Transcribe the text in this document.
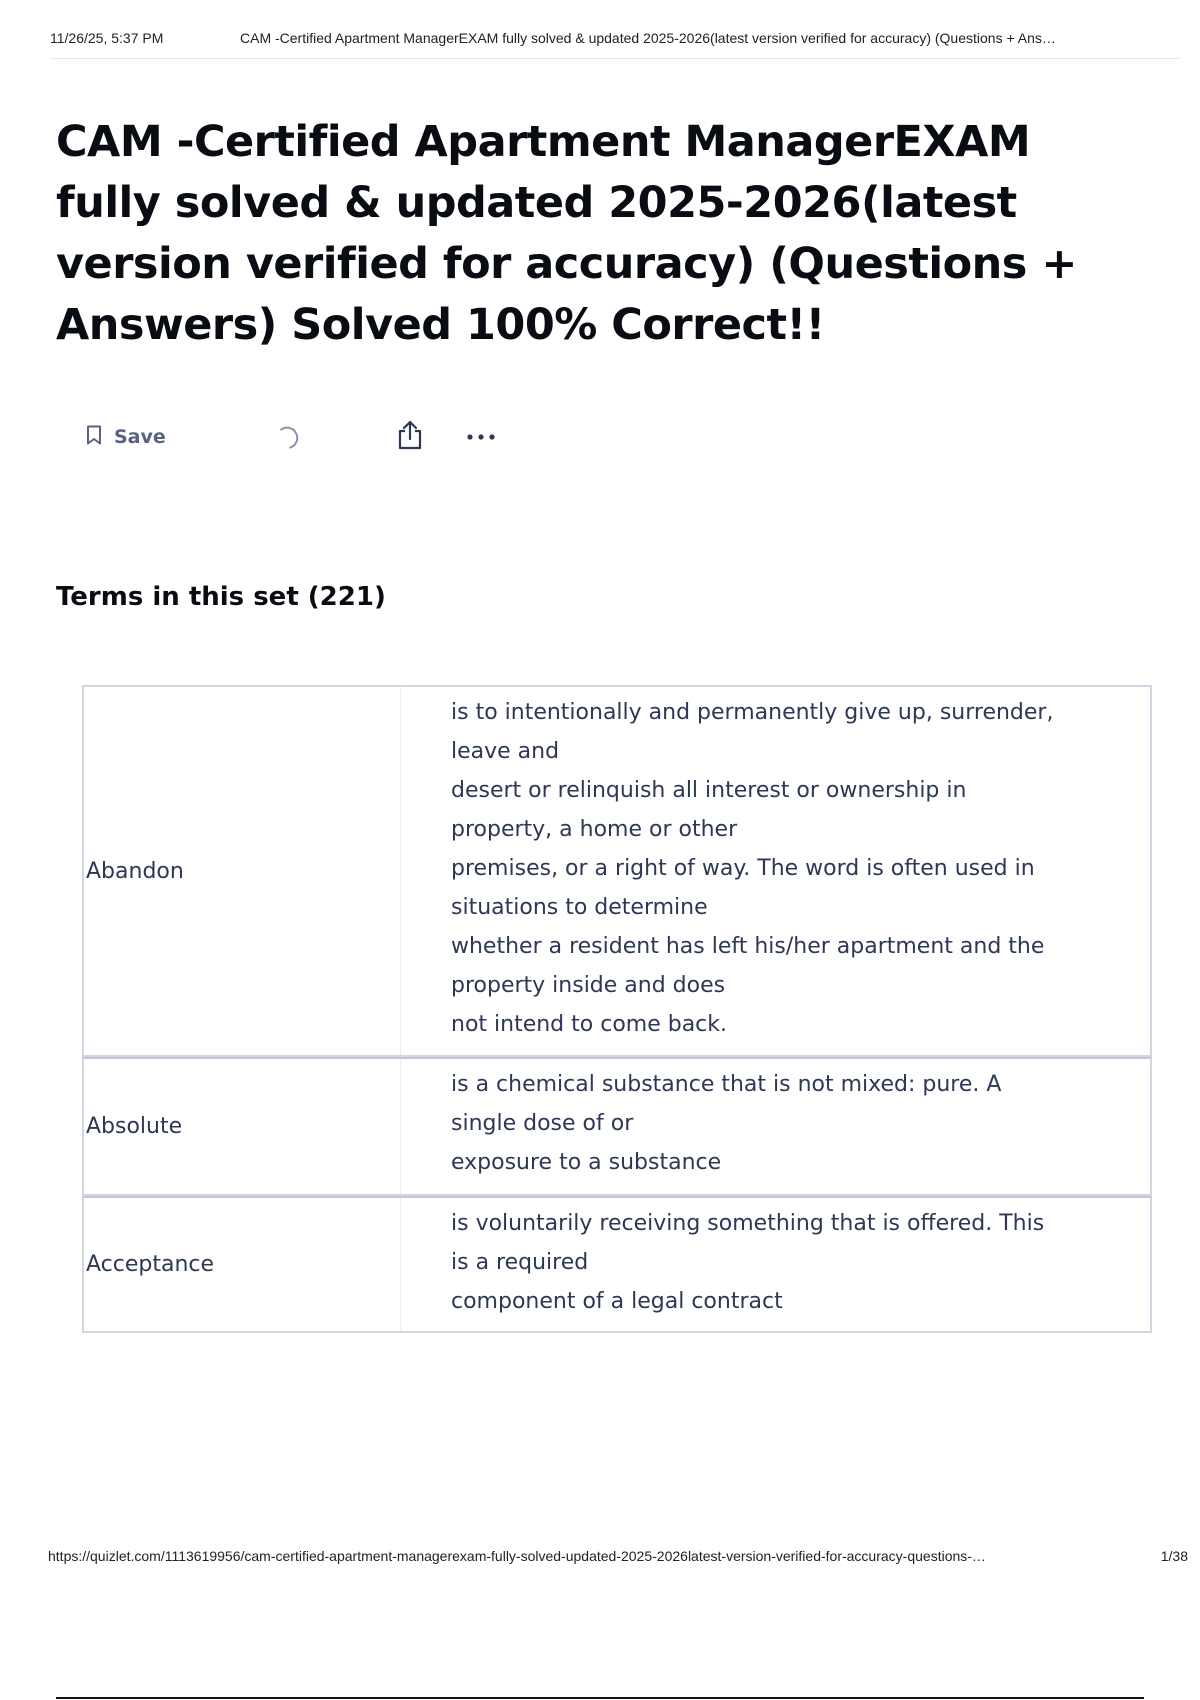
11/26/25, 5:37 PM	CAM -Certified Apartment ManagerEXAM fully solved & updated 2025-2026(latest version verified for accuracy) (Questions + Ans…
CAM -Certified Apartment ManagerEXAM fully solved & updated 2025-2026(latest version verified for accuracy) (Questions + Answers) Solved 100% Correct!!
Save
Terms in this set (221)
Abandon
is to intentionally and permanently give up, surrender,
leave and
desert or relinquish all interest or ownership in
property, a home or other
premises, or a right of way. The word is often used in
situations to determine
whether a resident has left his/her apartment and the
property inside and does
not intend to come back.
Absolute
is a chemical substance that is not mixed: pure. A
single dose of or
exposure to a substance
Acceptance
is voluntarily receiving something that is offered. This
is a required
component of a legal contract
https://quizlet.com/1113619956/cam-certified-apartment-managerexam-fully-solved-updated-2025-2026latest-version-verified-for-accuracy-questions-…	1/38
